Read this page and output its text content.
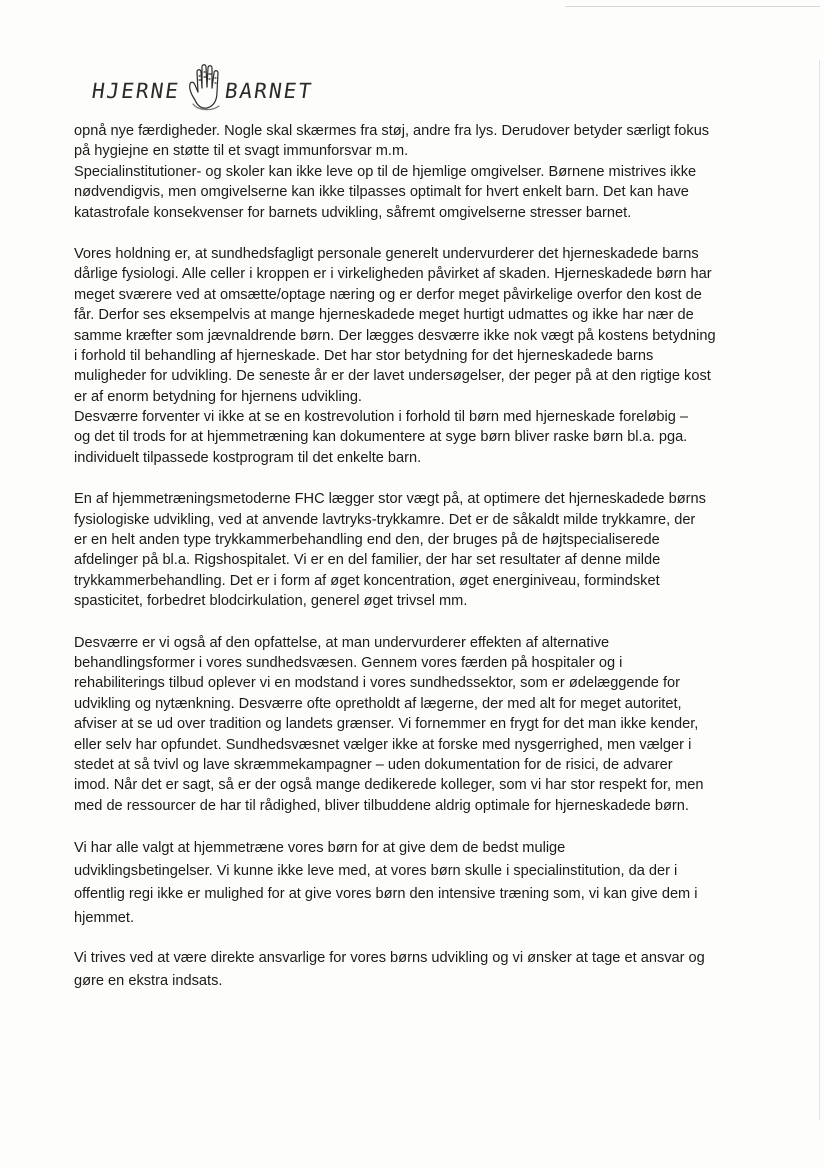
HJERNE BARNET
opnå nye færdigheder. Nogle skal skærmes fra støj, andre fra lys. Derudover betyder særligt fokus
på hygiejne en støtte til et svagt immunforsvar m.m.
Specialinstitutioner- og skoler kan ikke leve op til de hjemlige omgivelser. Børnene mistrives ikke
nødvendigvis, men omgivelserne kan ikke tilpasses optimalt for hvert enkelt barn. Det kan have
katastrofale konsekvenser for barnets udvikling, såfremt omgivelserne stresser barnet.
Vores holdning er, at sundhedsfagligt personale generelt undervurderer det hjerneskadede barns
dårlige fysiologi. Alle celler i kroppen er i virkeligheden påvirket af skaden. Hjerneskadede børn har
meget sværere ved at omsætte/optage næring og er derfor meget påvirkelige overfor den kost de
får. Derfor ses eksempelvis at mange hjerneskadede meget hurtigt udmattes og ikke har nær de
samme kræfter som jævnaldrende børn. Der lægges desværre ikke nok vægt på kostens betydning
i forhold til behandling af hjerneskade. Det har stor betydning for det hjerneskadede barns
muligheder for udvikling. De seneste år er der lavet undersøgelser, der peger på at den rigtige kost
er af enorm betydning for hjernens udvikling.
Desværre forventer vi ikke at se en kostrevolution i forhold til børn med hjerneskade foreløbig –
og det til trods for at hjemmetræning kan dokumentere at syge børn bliver raske børn bl.a. pga.
individuelt tilpassede kostprogram til det enkelte barn.
En af hjemmetræningsmetoderne FHC lægger stor vægt på, at optimere det hjerneskadede børns
fysiologiske udvikling, ved at anvende lavtryks-trykkamre. Det er de såkaldt milde trykkamre, der
er en helt anden type trykkammerbehandling end den, der bruges på de højtspecialiserede
afdelinger på bl.a. Rigshospitalet. Vi er en del familier, der har set resultater af denne milde
trykkammerbehandling. Det er i form af øget koncentration, øget energiniveau, formindsket
spasticitet, forbedret blodcirkulation, generel øget trivsel mm.
Desværre er vi også af den opfattelse, at man undervurderer effekten af alternative
behandlingsformer i vores sundhedsvæsen. Gennem vores færden på hospitaler og i
rehabiliterings tilbud oplever vi en modstand i vores sundhedssektor, som er ødelæggende for
udvikling og nytænkning. Desværre ofte opretholdt af lægerne, der med alt for meget autoritet,
afviser at se ud over tradition og landets grænser. Vi fornemmer en frygt for det man ikke kender,
eller selv har opfundet. Sundhedsvæsnet vælger ikke at forske med nysgerrighed, men vælger i
stedet at så tvivl og lave skræmmekampagner – uden dokumentation for de risici, de advarer
imod. Når det er sagt, så er der også mange dedikerede kolleger, som vi har stor respekt for, men
med de ressourcer de har til rådighed, bliver tilbuddene aldrig optimale for hjerneskadede børn.
Vi har alle valgt at hjemmetræne vores børn for at give dem de bedst mulige
udviklingsbetingelser. Vi kunne ikke leve med, at vores børn skulle i specialinstitution, da der i
offentlig regi ikke er mulighed for at give vores børn den intensive træning som, vi kan give dem i
hjemmet.
Vi trives ved at være direkte ansvarlige for vores børns udvikling og vi ønsker at tage et ansvar og
gøre en ekstra indsats.
